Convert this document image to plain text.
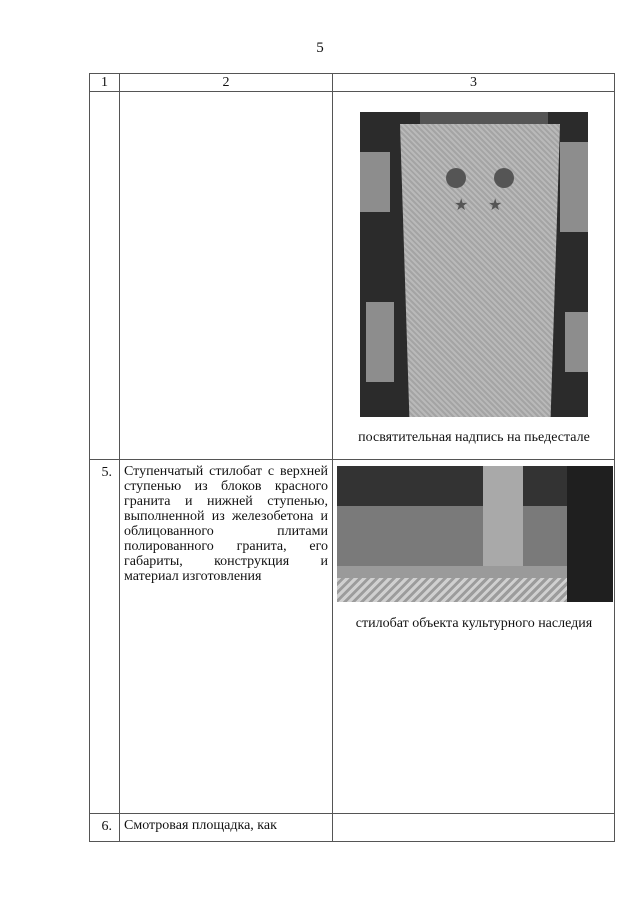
5
1	2	3

		★ ★
посвятительная надпись на пьедестале

5.	Ступенчатый стилобат с верхней ступенью из блоков красного гранита и нижней ступенью, выполненной из железобетона и облицованного плитами полированного гранита, его габариты, конструкция и материал изготовления	стилобат объекта культурного наследия

6.	Смотровая площадка, как	
